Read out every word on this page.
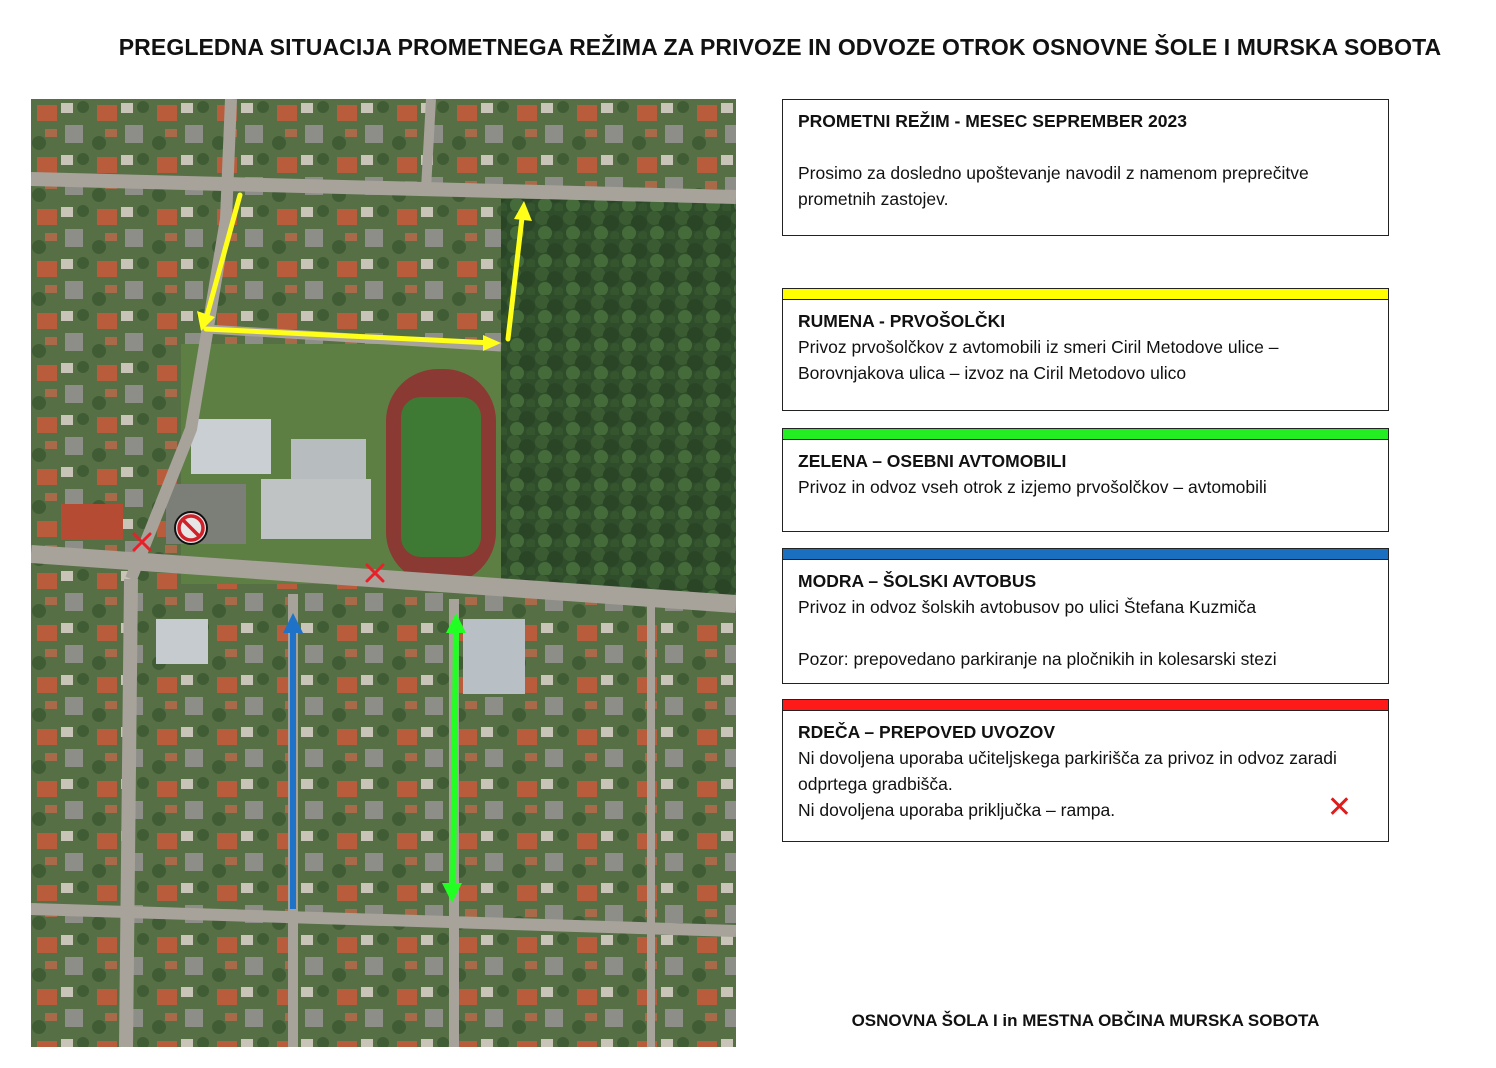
PREGLEDNA SITUACIJA PROMETNEGA REŽIMA ZA PRIVOZE IN ODVOZE OTROK OSNOVNE ŠOLE I MURSKA SOBOTA
PROMETNI REŽIM - MESEC SEPREMBER 2023
Prosimo za dosledno upoštevanje navodil z namenom preprečitve prometnih zastojev.
RUMENA - PRVOŠOLČKI
Privoz prvošolčkov z avtomobili iz smeri Ciril Metodove ulice – Borovnjakova ulica – izvoz na Ciril Metodovo ulico
ZELENA – OSEBNI AVTOMOBILI
Privoz in odvoz vseh otrok z izjemo prvošolčkov – avtomobili
MODRA – ŠOLSKI AVTOBUS
Privoz in odvoz šolskih avtobusov po ulici Štefana Kuzmiča
Pozor: prepovedano parkiranje na pločnikih in kolesarski stezi
RDEČA – PREPOVED UVOZOV
Ni dovoljena uporaba učiteljskega parkirišča za privoz in odvoz zaradi odprtega gradbišča.
Ni dovoljena uporaba priključka – rampa.	✕
OSNOVNA ŠOLA I in MESTNA OBČINA MURSKA SOBOTA
